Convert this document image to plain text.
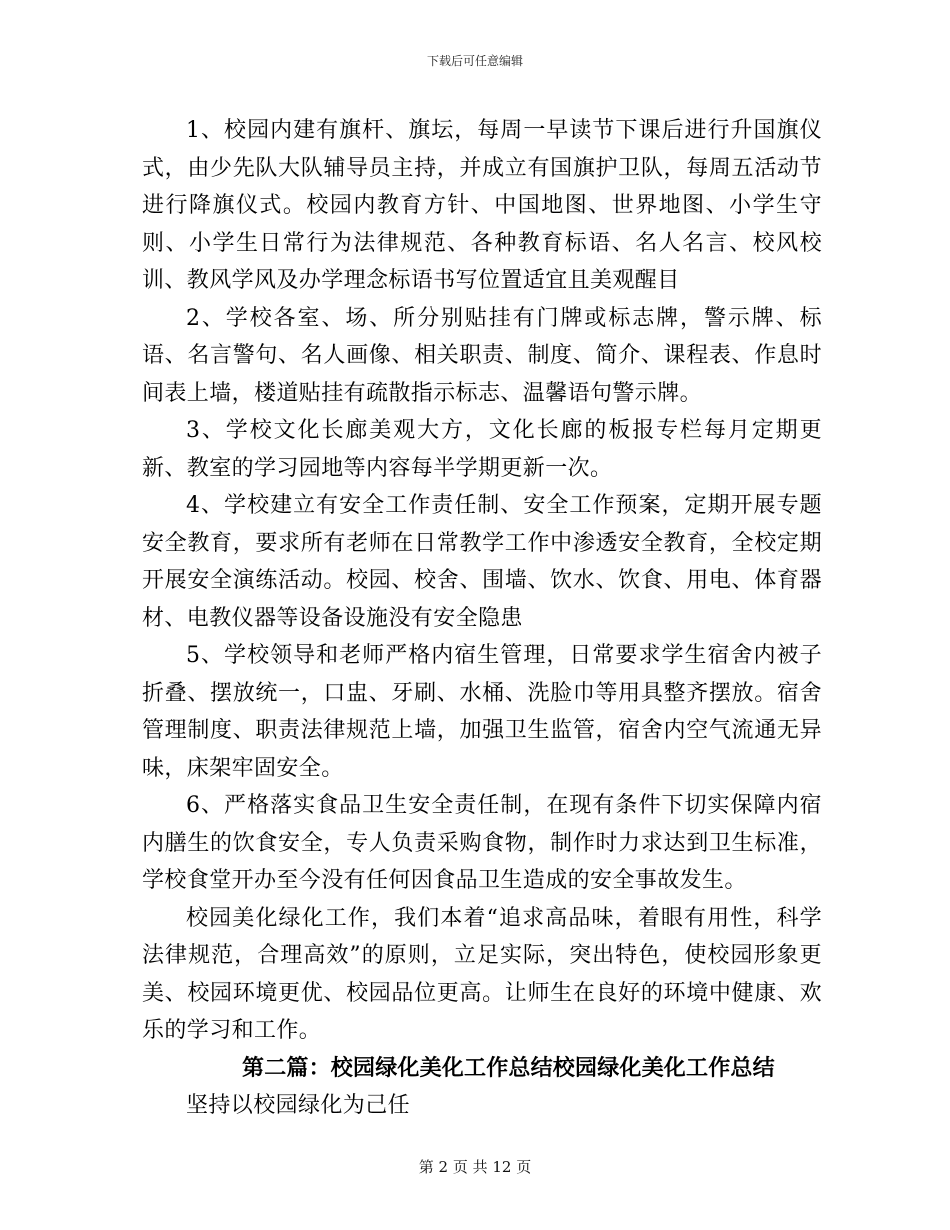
下载后可任意编辑

1、校园内建有旗杆、旗坛，每周一早读节下课后进行升国旗仪式，由少先队大队辅导员主持，并成立有国旗护卫队，每周五活动节进行降旗仪式。校园内教育方针、中国地图、世界地图、小学生守则、小学生日常行为法律规范、各种教育标语、名人名言、校风校训、教风学风及办学理念标语书写位置适宜且美观醒目

2、学校各室、场、所分别贴挂有门牌或标志牌，警示牌、标语、名言警句、名人画像、相关职责、制度、简介、课程表、作息时间表上墙，楼道贴挂有疏散指示标志、温馨语句警示牌。

3、学校文化长廊美观大方，文化长廊的板报专栏每月定期更新、教室的学习园地等内容每半学期更新一次。

4、学校建立有安全工作责任制、安全工作预案，定期开展专题安全教育，要求所有老师在日常教学工作中渗透安全教育，全校定期开展安全演练活动。校园、校舍、围墙、饮水、饮食、用电、体育器材、电教仪器等设备设施没有安全隐患

5、学校领导和老师严格内宿生管理，日常要求学生宿舍内被子折叠、摆放统一，口盅、牙刷、水桶、洗脸巾等用具整齐摆放。宿舍管理制度、职责法律规范上墙，加强卫生监管，宿舍内空气流通无异味，床架牢固安全。

6、严格落实食品卫生安全责任制，在现有条件下切实保障内宿内膳生的饮食安全，专人负责采购食物，制作时力求达到卫生标准，学校食堂开办至今没有任何因食品卫生造成的安全事故发生。

校园美化绿化工作，我们本着“追求高品味，着眼有用性，科学法律规范，合理高效”的原则，立足实际，突出特色，使校园形象更美、校园环境更优、校园品位更高。让师生在良好的环境中健康、欢乐的学习和工作。

第二篇：校园绿化美化工作总结校园绿化美化工作总结

坚持以校园绿化为己任

第 2 页 共 12 页
